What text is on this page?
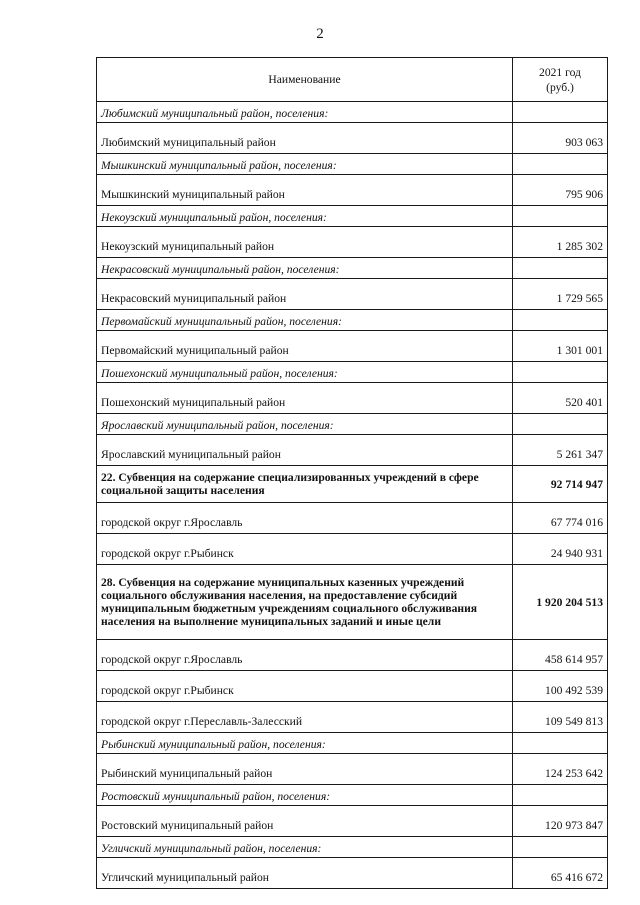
2
Наименование	2021 год
(руб.)
Любимский муниципальный район, поселения:	
Любимский муниципальный район	903 063
Мышкинский муниципальный район, поселения:	
Мышкинский муниципальный район	795 906
Некоузский муниципальный район, поселения:	
Некоузский муниципальный район	1 285 302
Некрасовский муниципальный район, поселения:	
Некрасовский муниципальный район	1 729 565
Первомайский муниципальный район, поселения:	
Первомайский муниципальный район	1 301 001
Пошехонский муниципальный район, поселения:	
Пошехонский муниципальный район	520 401
Ярославский муниципальный район, поселения:	
Ярославский муниципальный район	5 261 347
22. Субвенция на содержание специализированных учреждений в сфере социальной защиты населения	92 714 947
городской округ г.Ярославль	67 774 016
городской округ г.Рыбинск	24 940 931
28. Субвенция на содержание муниципальных казенных учреждений социального обслуживания населения, на предоставление субсидий муниципальным бюджетным учреждениям социального обслуживания населения на выполнение муниципальных заданий и иные цели	1 920 204 513
городской округ г.Ярославль	458 614 957
городской округ г.Рыбинск	100 492 539
городской округ г.Переславль-Залесский	109 549 813
Рыбинский муниципальный район, поселения:	
Рыбинский муниципальный район	124 253 642
Ростовский муниципальный район, поселения:	
Ростовский муниципальный район	120 973 847
Угличский муниципальный район, поселения:	
Угличский муниципальный район	65 416 672
